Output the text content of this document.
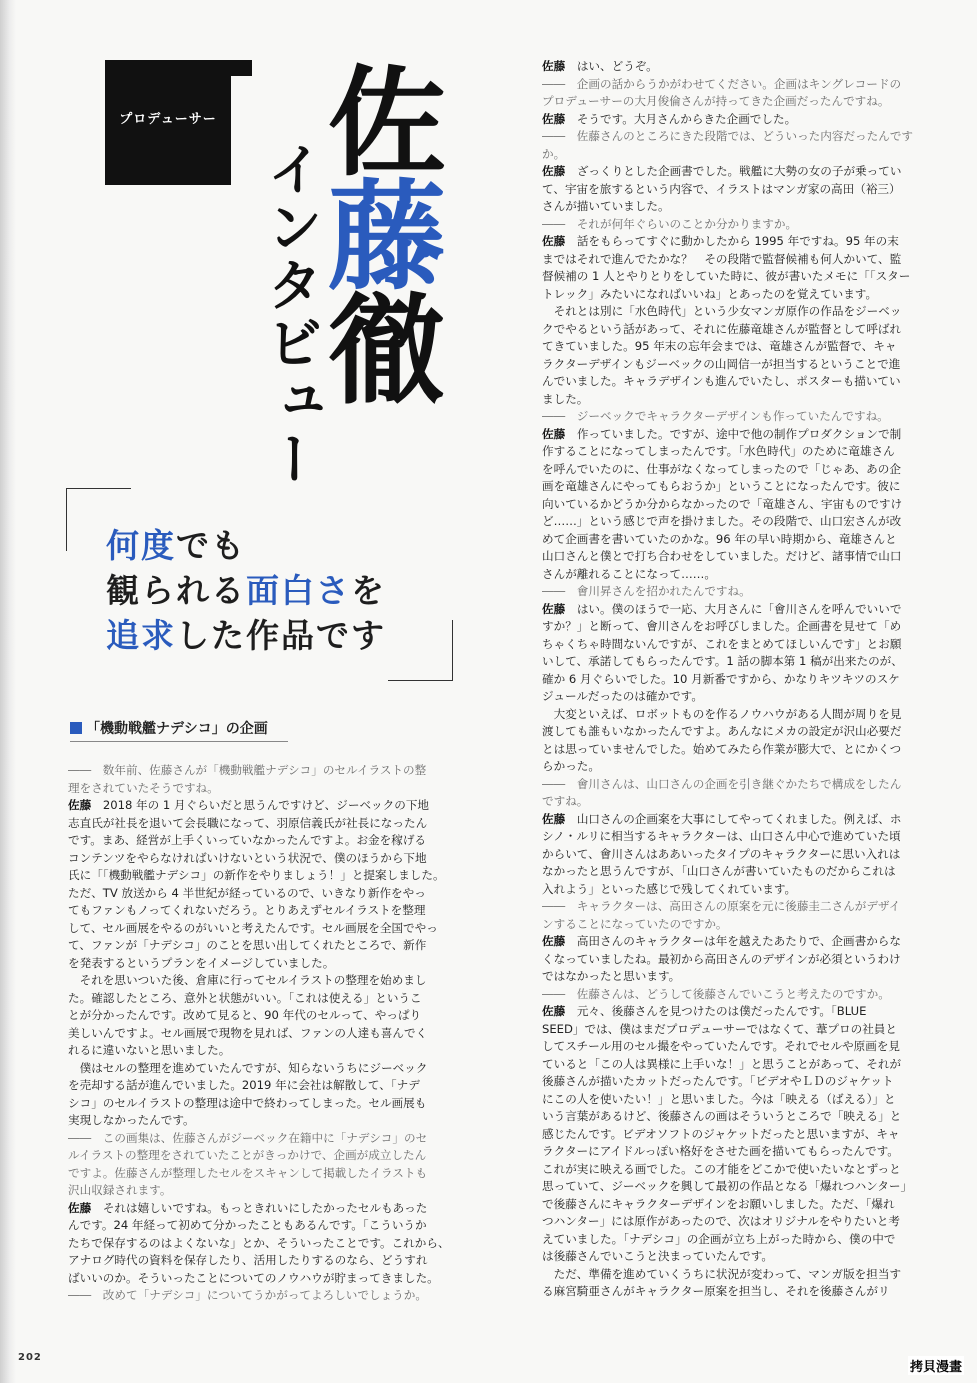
プロデューサー 佐藤徹
インタビュー
何度でも
観られる面白さを
追求した作品です
「機動戦艦ナデシコ」の企画

――　数年前、佐藤さんが「機動戦艦ナデシコ」のセルイラストの整

理をされていたそうですね。

佐藤　 2018 年の 1 月ぐらいだと思うんですけど、ジーベックの下地

志直氏が社長を退いて会長職になって、羽原信義氏が社長になったん

です。まあ、経営が上手くいっていなかったんですよ。お金を稼げる

コンテンツをやらなければいけないという状況で、僕のほうから下地

氏に「「機動戦艦ナデシコ」の新作をやりましょう！」と提案しました。

ただ、TV 放送から 4 半世紀が経っているので、いきなり新作をやっ

てもファンもノってくれないだろう。とりあえずセルイラストを整理

して、セル画展をやるのがいいと考えたんです。セル画展を全国でやっ

て、ファンが「ナデシコ」のことを思い出してくれたところで、新作

を発表するというプランをイメージしていました。

　それを思いついた後、倉庫に行ってセルイラストの整理を始めまし

た。確認したところ、意外と状態がいい。「これは使える」というこ

とが分かったんです。改めて見ると、90 年代のセルって、やっぱり

美しいんですよ。セル画展で現物を見れば、ファンの人達も喜んでく

れるに違いないと思いました。

　僕はセルの整理を進めていたんですが、知らないうちにジーベック

を売却する話が進んでいました。2019 年に会社は解散して、「ナデ

シコ」のセルイラストの整理は途中で終わってしまった。セル画展も

実現しなかったんです。

――　この画集は、佐藤さんがジーベック在籍中に「ナデシコ」のセ

ルイラストの整理をされていたことがきっかけで、企画が成立したん

ですよ。佐藤さんが整理したセルをスキャンして掲載したイラストも

沢山収録されます。

佐藤　 それは嬉しいですね。もっときれいにしたかったセルもあった

んです。24 年経って初めて分かったこともあるんです。「こういうか

たちで保存するのはよくないな」とか、そういったことです。これから、

アナログ時代の資料を保存したり、活用したりするのなら、どうすれ

ばいいのか。そういったことについてのノウハウが貯まってきました。

――　改めて「ナデシコ」についてうかがってよろしいでしょうか。

佐藤　 はい、どうぞ。

――　企画の話からうかがわせてください。企画はキングレコードの

プロデューサーの大月俊倫さんが持ってきた企画だったんですね。

佐藤　 そうです。大月さんからきた企画でした。

――　佐藤さんのところにきた段階では、どういった内容だったんです

か。

佐藤　 ざっくりとした企画書でした。戦艦に大勢の女の子が乗ってい

て、宇宙を旅するという内容で、イラストはマンガ家の高田（裕三）

さんが描いていました。

――　それが何年ぐらいのことか分かりますか。

佐藤　 話をもらってすぐに動かしたから 1995 年ですね。95 年の末

まではそれで進んでたかな？　その段階で監督候補も何人かいて、監

督候補の 1 人とやりとりをしていた時に、彼が書いたメモに「「スター

トレック」みたいになればいいね」とあったのを覚えています。

　それとは別に「水色時代」という少女マンガ原作の作品をジーベッ

クでやるという話があって、それに佐藤竜雄さんが監督として呼ばれ

てきていました。95 年末の忘年会までは、竜雄さんが監督で、キャ

ラクターデザインもジーベックの山岡信一が担当するということで進

んでいました。キャラデザインも進んでいたし、ポスターも描いてい

ました。

――　ジーベックでキャラクターデザインも作っていたんですね。

佐藤　 作っていました。ですが、途中で他の制作プロダクションで制

作することになってしまったんです。「水色時代」のために竜雄さん

を呼んでいたのに、仕事がなくなってしまったので「じゃあ、あの企

画を竜雄さんにやってもらおうか」ということになったんです。彼に

向いているかどうか分からなかったので「竜雄さん、宇宙ものですけ

ど……」という感じで声を掛けました。その段階で、山口宏さんが改

めて企画書を書いていたのかな。96 年の早い時期から、竜雄さんと

山口さんと僕とで打ち合わせをしていました。だけど、諸事情で山口

さんが離れることになって……。

――　會川昇さんを招かれたんですね。

佐藤　 はい。僕のほうで一応、大月さんに「會川さんを呼んでいいで

すか？」と断って、會川さんをお呼びしました。企画書を見せて「め

ちゃくちゃ時間ないんですが、これをまとめてほしいんです」とお願

いして、承諾してもらったんです。1 話の脚本第 1 稿が出来たのが、

確か 6 月ぐらいでした。10 月新番ですから、かなりキツキツのスケ

ジュールだったのは確かです。

　大変といえば、ロボットものを作るノウハウがある人間が周りを見

渡しても誰もいなかったんですよ。あんなにメカの設定が沢山必要だ

とは思っていませんでした。始めてみたら作業が膨大で、とにかくつ

らかった。

――　會川さんは、山口さんの企画を引き継ぐかたちで構成をしたん

ですね。

佐藤　 山口さんの企画案を大事にしてやってくれました。例えば、ホ

シノ・ルリに相当するキャラクターは、山口さん中心で進めていた頃

からいて、會川さんはああいったタイプのキャラクターに思い入れは

なかったと思うんですが、「山口さんが書いていたものだからこれは

入れよう」といった感じで残してくれています。

――　キャラクターは、高田さんの原案を元に後藤圭二さんがデザイ

ンすることになっていたのですか。

佐藤　 高田さんのキャラクターは年を越えたあたりで、企画書からな

くなっていましたね。最初から高田さんのデザインが必須というわけ

ではなかったと思います。

――　佐藤さんは、どうして後藤さんでいこうと考えたのですか。

佐藤　 元々、後藤さんを見つけたのは僕だったんです。「BLUE

SEED」では、僕はまだプロデューサーではなくて、葦プロの社員と

してスチール用のセル撮をやっていたんです。それでセルや原画を見

ていると「この人は異様に上手いな！」と思うことがあって、それが

後藤さんが描いたカットだったんです。「ビデオやＬＤのジャケット

にこの人を使いたい！」と思いました。今は「映える（ばえる）」と

いう言葉があるけど、後藤さんの画はそういうところで「映える」と

感じたんです。ビデオソフトのジャケットだったと思いますが、キャ

ラクターにアイドルっぽい格好をさせた画を描いてもらったんです。

これが実に映える画でした。この才能をどこかで使いたいなとずっと

思っていて、ジーベックを興して最初の作品となる「爆れつハンター」

で後藤さんにキャラクターデザインをお願いしました。ただ、「爆れ

つハンター」には原作があったので、次はオリジナルをやりたいと考

えていました。「ナデシコ」の企画が立ち上がった時から、僕の中で

は後藤さんでいこうと決まっていたんです。

　ただ、準備を進めていくうちに状況が変わって、マンガ版を担当す

る麻宮騎亜さんがキャラクター原案を担当し、それを後藤さんがリ

202
拷貝漫畫
